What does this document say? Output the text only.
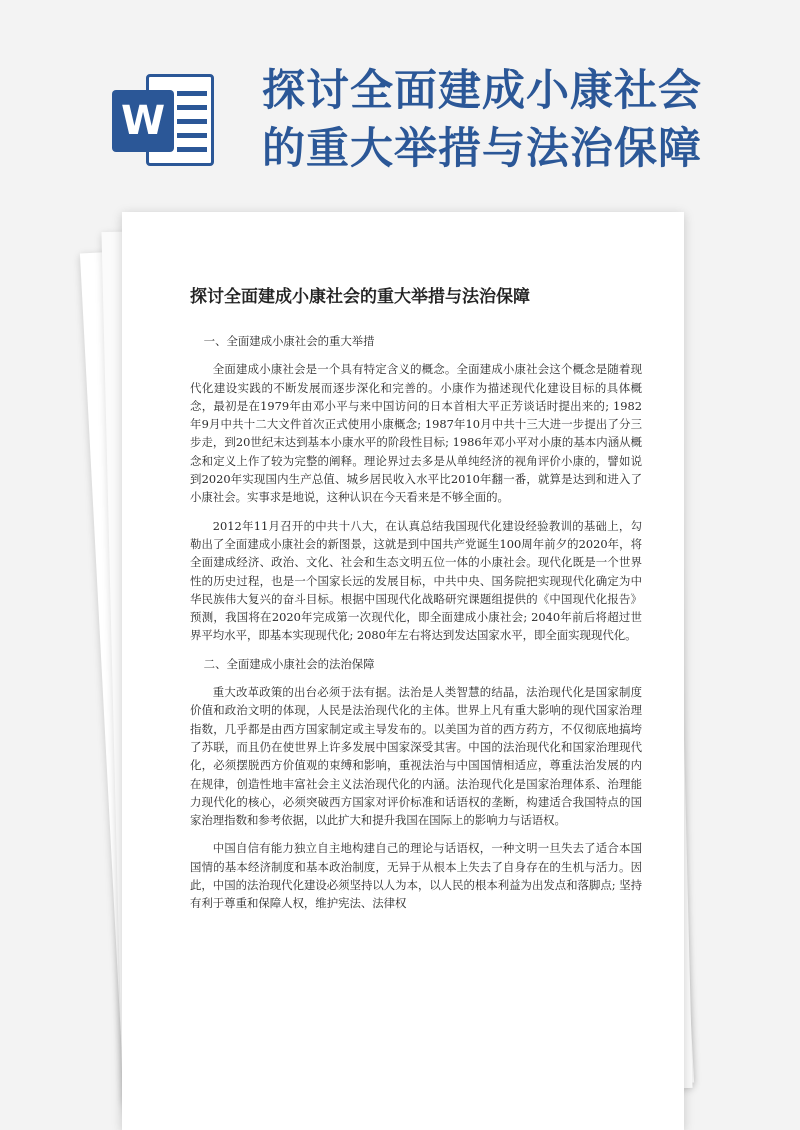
W
探讨全面建成小康社会
的重大举措与法治保障
探讨全面建成小康社会的重大举措与法治保障
一、全面建成小康社会的重大举措

全面建成小康社会是一个具有特定含义的概念。全面建成小康社会这个概念是随着现代化建设实践的不断发展而逐步深化和完善的。小康作为描述现代化建设目标的具体概念，最初是在1979年由邓小平与来中国访问的日本首相大平正芳谈话时提出来的; 1982年9月中共十二大文件首次正式使用小康概念; 1987年10月中共十三大进一步提出了分三步走，到20世纪末达到基本小康水平的阶段性目标; 1986年邓小平对小康的基本内涵从概念和定义上作了较为完整的阐释。理论界过去多是从单纯经济的视角评价小康的，譬如说到2020年实现国内生产总值、城乡居民收入水平比2010年翻一番，就算是达到和进入了小康社会。实事求是地说，这种认识在今天看来是不够全面的。

2012年11月召开的中共十八大，在认真总结我国现代化建设经验教训的基础上，勾勒出了全面建成小康社会的新图景，这就是到中国共产党诞生100周年前夕的2020年，将全面建成经济、政治、文化、社会和生态文明五位一体的小康社会。现代化既是一个世界性的历史过程，也是一个国家长远的发展目标，中共中央、国务院把实现现代化确定为中华民族伟大复兴的奋斗目标。根据中国现代化战略研究课题组提供的《中国现代化报告》预测，我国将在2020年完成第一次现代化，即全面建成小康社会; 2040年前后将超过世界平均水平，即基本实现现代化; 2080年左右将达到发达国家水平，即全面实现现代化。

二、全面建成小康社会的法治保障

重大改革政策的出台必须于法有据。法治是人类智慧的结晶，法治现代化是国家制度价值和政治文明的体现，人民是法治现代化的主体。世界上凡有重大影响的现代国家治理指数，几乎都是由西方国家制定或主导发布的。以美国为首的西方药方，不仅彻底地搞垮了苏联，而且仍在使世界上许多发展中国家深受其害。中国的法治现代化和国家治理现代化，必须摆脱西方价值观的束缚和影响，重视法治与中国国情相适应，尊重法治发展的内在规律，创造性地丰富社会主义法治现代化的内涵。法治现代化是国家治理体系、治理能力现代化的核心，必须突破西方国家对评价标准和话语权的垄断，构建适合我国特点的国家治理指数和参考依据，以此扩大和提升我国在国际上的影响力与话语权。

中国自信有能力独立自主地构建自己的理论与话语权，一种文明一旦失去了适合本国国情的基本经济制度和基本政治制度，无异于从根本上失去了自身存在的生机与活力。因此，中国的法治现代化建设必须坚持以人为本，以人民的根本利益为出发点和落脚点; 坚持有利于尊重和保障人权，维护宪法、法律权
